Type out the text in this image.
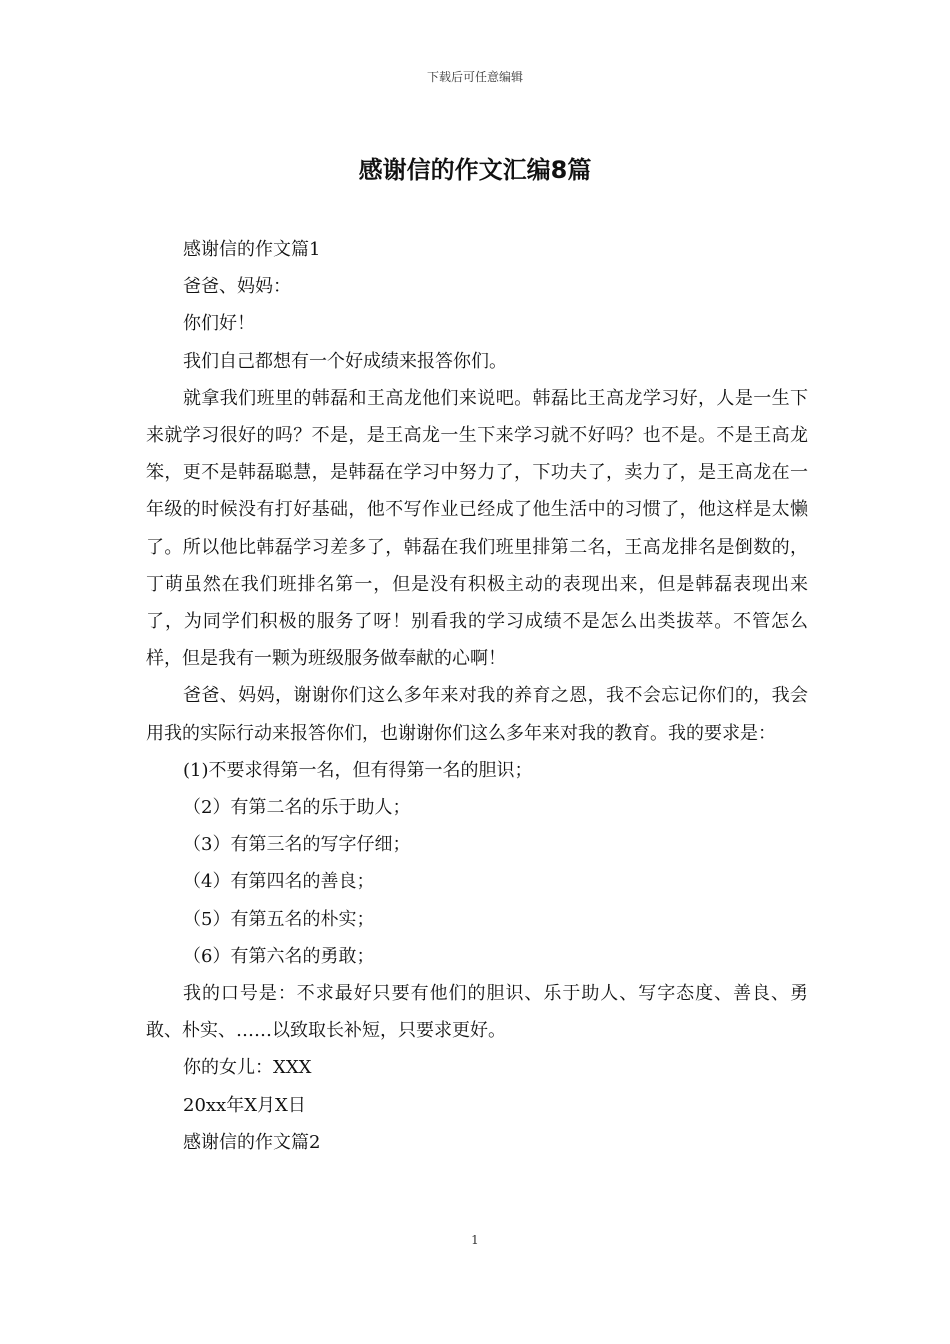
下载后可任意编辑
感谢信的作文汇编8篇

感谢信的作文篇1

爸爸、妈妈：

你们好！

我们自己都想有一个好成绩来报答你们。

就拿我们班里的韩磊和王高龙他们来说吧。韩磊比王高龙学习好，人是一生下来就学习很好的吗？不是，是王高龙一生下来学习就不好吗？也不是。不是王高龙笨，更不是韩磊聪慧，是韩磊在学习中努力了，下功夫了，卖力了，是王高龙在一年级的时候没有打好基础，他不写作业已经成了他生活中的习惯了，他这样是太懒了。所以他比韩磊学习差多了，韩磊在我们班里排第二名，王高龙排名是倒数的，丁萌虽然在我们班排名第一，但是没有积极主动的表现出来，但是韩磊表现出来了，为同学们积极的服务了呀！别看我的学习成绩不是怎么出类拔萃。不管怎么样，但是我有一颗为班级服务做奉献的心啊！

爸爸、妈妈，谢谢你们这么多年来对我的养育之恩，我不会忘记你们的，我会用我的实际行动来报答你们，也谢谢你们这么多年来对我的教育。我的要求是：

(1)不要求得第一名，但有得第一名的胆识；

（2）有第二名的乐于助人；

（3）有第三名的写字仔细；

（4）有第四名的善良；

（5）有第五名的朴实；

（6）有第六名的勇敢；

我的口号是：不求最好只要有他们的胆识、乐于助人、写字态度、善良、勇敢、朴实、……以致取长补短，只要求更好。

你的女儿：XXX

20xx年X月X日

感谢信的作文篇2

1
